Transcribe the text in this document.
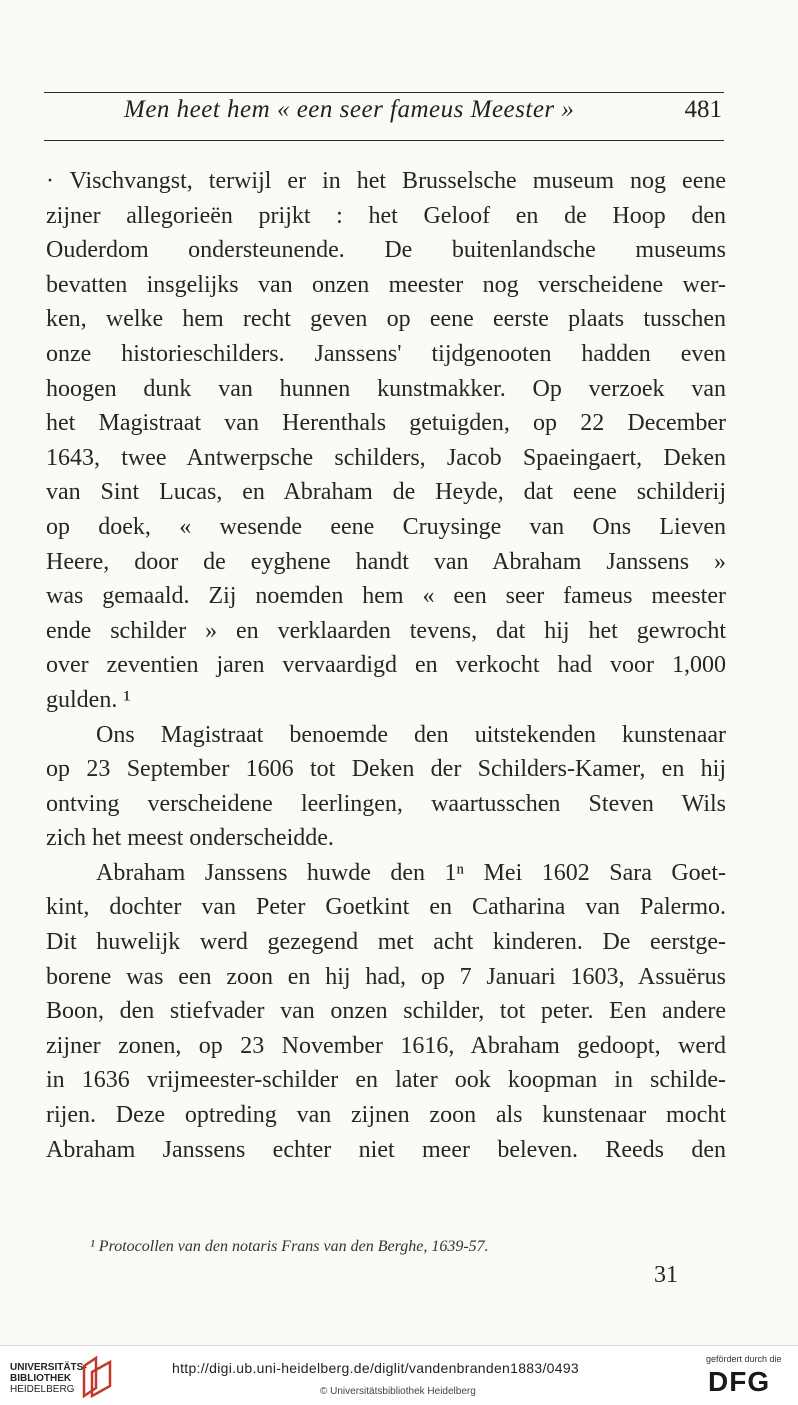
Men heet hem « een seer fameus Meester »	481
· Vischvangst, terwijl er in het Brusselsche museum nog eene
zijner allegorieën prijkt : het Geloof en de Hoop den
Ouderdom ondersteunende. De buitenlandsche museums
bevatten insgelijks van onzen meester nog verscheidene wer-
ken, welke hem recht geven op eene eerste plaats tusschen
onze historieschilders. Janssens' tijdgenooten hadden even
hoogen dunk van hunnen kunstmakker. Op verzoek van
het Magistraat van Herenthals getuigden, op 22 December
1643, twee Antwerpsche schilders, Jacob Spaeingaert, Deken
van Sint Lucas, en Abraham de Heyde, dat eene schilderij
op doek, « wesende eene Cruysinge van Ons Lieven
Heere, door de eyghene handt van Abraham Janssens »
was gemaald. Zij noemden hem « een seer fameus meester
ende schilder » en verklaarden tevens, dat hij het gewrocht
over zeventien jaren vervaardigd en verkocht had voor 1,000
gulden. ¹
Ons Magistraat benoemde den uitstekenden kunstenaar
op 23 September 1606 tot Deken der Schilders-Kamer, en hij
ontving verscheidene leerlingen, waartusschen Steven Wils
zich het meest onderscheidde.
Abraham Janssens huwde den 1ⁿ Mei 1602 Sara Goet-
kint, dochter van Peter Goetkint en Catharina van Palermo.
Dit huwelijk werd gezegend met acht kinderen. De eerstge-
borene was een zoon en hij had, op 7 Januari 1603, Assuërus
Boon, den stiefvader van onzen schilder, tot peter. Een andere
zijner zonen, op 23 November 1616, Abraham gedoopt, werd
in 1636 vrijmeester-schilder en later ook koopman in schilde-
rijen. Deze optreding van zijnen zoon als kunstenaar mocht
Abraham Janssens echter niet meer beleven. Reeds den
¹ Protocollen van den notaris Frans van den Berghe, 1639-57.
31
UNIVERSITÄTS-
BIBLIOTHEK
HEIDELBERG
http://digi.ub.uni-heidelberg.de/diglit/vandenbranden1883/0493
© Universitätsbibliothek Heidelberg
gefördert durch die
DFG
